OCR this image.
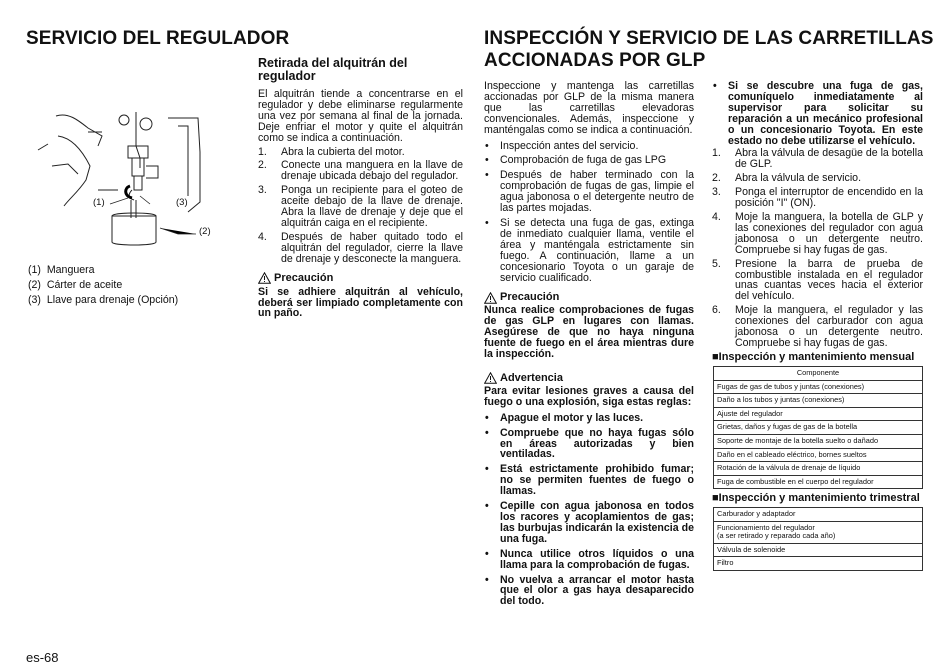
SERVICIO DEL REGULADOR
(1)	(3)
(2)
(1) Manguera
(2) Cárter de aceite
(3) Llave para drenaje (Opción)
Retirada del alquitrán del regulador

El alquitrán tiende a concentrarse en el regulador y debe eliminarse regularmente una vez por semana al final de la jornada. Deje enfriar el motor y quite el alquitrán como se indica a continuación.

1. Abra la cubierta del motor.
2. Conecte una manguera en la llave de drenaje ubicada debajo del regulador.
3. Ponga un recipiente para el goteo de aceite debajo de la llave de drenaje. Abra la llave de drenaje y deje que el alquitrán caiga en el recipiente.
4. Después de haber quitado todo el alquitrán del regulador, cierre la llave de drenaje y desconecte la manguera.
Precaución

Si se adhiere alquitrán al vehículo, deberá ser limpiado completamente con un paño.

INSPECCIÓN Y SERVICIO DE LAS CARRETILLAS
ACCIONADAS POR GLP

Inspeccione y mantenga las carretillas accionadas por GLP de la misma manera que las carretillas elevadoras convencionales. Además, inspeccione y manténgalas como se indica a continuación.

• Inspección antes del servicio.
• Comprobación de fuga de gas LPG
• Después de haber terminado con la comprobación de fugas de gas, limpie el agua jabonosa o el detergente neutro de las partes mojadas.
• Si se detecta una fuga de gas, extinga de inmediato cualquier llama, ventile el área y manténgala estrictamente sin fuego. A continuación, llame a un concesionario Toyota o un garaje de servicio cualificado.
Precaución

Nunca realice comprobaciones de fugas de gas GLP en lugares con llamas. Asegúrese de que no haya ninguna fuente de fuego en el área mientras dure la inspección.

Advertencia

Para evitar lesiones graves a causa del fuego o una explosión, siga estas reglas:

• Apague el motor y las luces.
• Compruebe que no haya fugas sólo en áreas autorizadas y bien ventiladas.
• Está estrictamente prohibido fumar; no se permiten fuentes de fuego o llamas.
• Cepille con agua jabonosa en todos los racores y acoplamientos de gas; las burbujas indicarán la existencia de una fuga.
• Nunca utilice otros líquidos o una llama para la comprobación de fugas.
• No vuelva a arrancar el motor hasta que el olor a gas haya desaparecido del todo.
• Si se descubre una fuga de gas, comuníquelo inmediatamente al supervisor para solicitar su reparación a un mecánico profesional o un concesionario Toyota. En este estado no debe utilizarse el vehículo.
1. Abra la válvula de desagüe de la botella de GLP.
2. Abra la válvula de servicio.
3. Ponga el interruptor de encendido en la posición "I" (ON).
4. Moje la manguera, la botella de GLP y las conexiones del regulador con agua jabonosa o un detergente neutro. Compruebe si hay fugas de gas.
5. Presione la barra de prueba de combustible instalada en el regulador unas cuantas veces hacia el exterior del vehículo.
6. Moje la manguera, el regulador y las conexiones del carburador con agua jabonosa o un detergente neutro. Compruebe si hay fugas de gas.
■Inspección y mantenimiento mensual
Componente
Fugas de gas de tubos y juntas (conexiones)
Daño a los tubos y juntas (conexiones)
Ajuste del regulador
Grietas, daños y fugas de gas de la botella
Soporte de montaje de la botella suelto o dañado
Daño en el cableado eléctrico, bornes sueltos
Rotación de la válvula de drenaje de líquido
Fuga de combustible en el cuerpo del regulador
■Inspección y mantenimiento trimestral
Carburador y adaptador
Funcionamiento del regulador
(a ser retirado y reparado cada año)
Válvula de solenoide
Filtro
es-68
